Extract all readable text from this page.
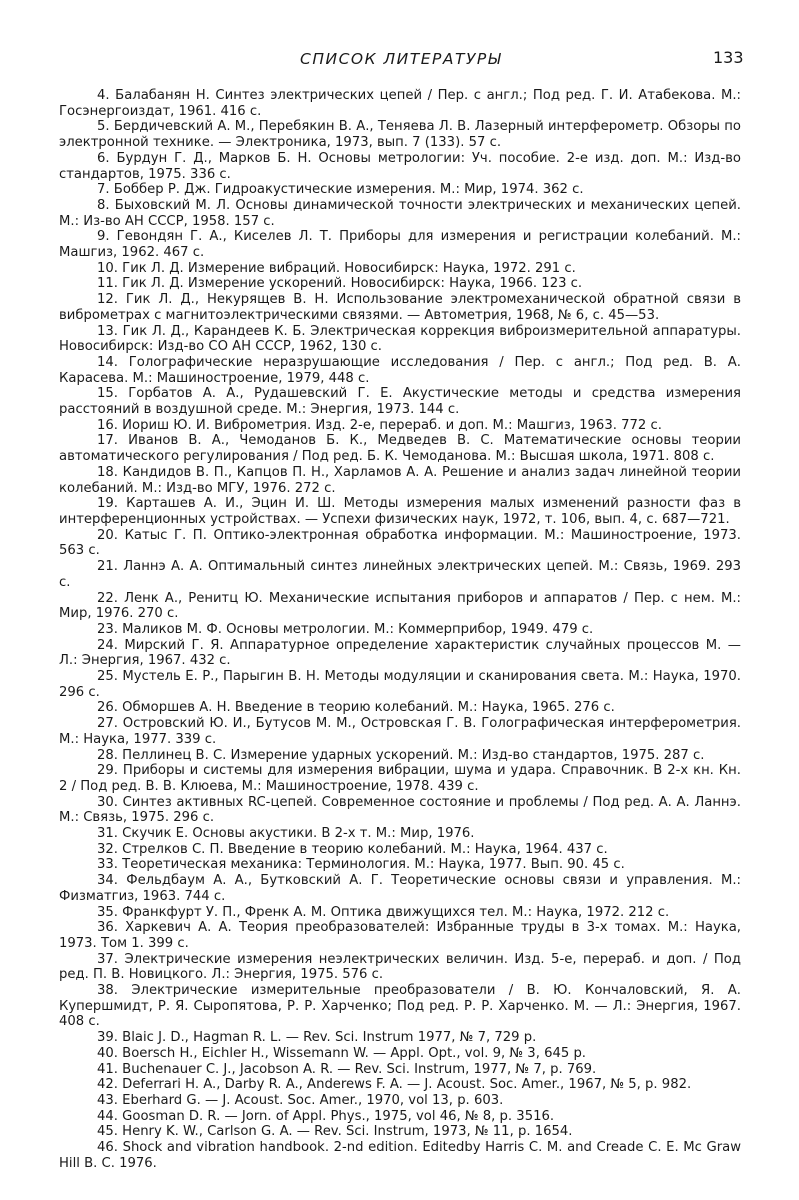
СПИСОК ЛИТЕРАТУРЫ	133

4. Балабанян Н. Синтез электрических цепей / Пер. с англ.; Под ред. Г. И. Атабекова. М.: Госэнергоиздат, 1961. 416 с.

5. Бердичевский А. М., Перебякин В. А., Теняева Л. В. Лазерный интерферометр. Обзоры по электронной технике. — Электроника, 1973, вып. 7 (133). 57 с.

6. Бурдун Г. Д., Марков Б. Н. Основы метрологии: Уч. пособие. 2-е изд. доп. М.: Изд-во стандартов, 1975. 336 с.

7. Боббер Р. Дж. Гидроакустические измерения. М.: Мир, 1974. 362 с.

8. Быховский М. Л. Основы динамической точности электрических и механических цепей. М.: Из-во АН СССР, 1958. 157 с.

9. Гевондян Г. А., Киселев Л. Т. Приборы для измерения и регистрации колебаний. М.: Машгиз, 1962. 467 с.

10. Гик Л. Д. Измерение вибраций. Новосибирск: Наука, 1972. 291 с.

11. Гик Л. Д. Измерение ускорений. Новосибирск: Наука, 1966. 123 с.

12. Гик Л. Д., Некурящев В. Н. Использование электромеханической обратной связи в виброметрах с магнитоэлектрическими связями. — Автометрия, 1968, № 6, с. 45—53.

13. Гик Л. Д., Карандеев К. Б. Электрическая коррекция виброизмерительной аппаратуры. Новосибирск: Изд-во СО АН СССР, 1962, 130 с.

14. Голографические неразрушающие исследования / Пер. с англ.; Под ред. В. А. Карасева. М.: Машиностроение, 1979, 448 с.

15. Горбатов А. А., Рудашевский Г. Е. Акустические методы и средства измерения расстояний в воздушной среде. М.: Энергия, 1973. 144 с.

16. Иориш Ю. И. Виброметрия. Изд. 2-е, перераб. и доп. М.: Машгиз, 1963. 772 с.

17. Иванов В. А., Чемоданов Б. К., Медведев В. С. Математические основы теории автоматического регулирования / Под ред. Б. К. Чемоданова. М.: Высшая школа, 1971. 808 с.

18. Кандидов В. П., Капцов П. Н., Харламов А. А. Решение и анализ задач линейной теории колебаний. М.: Изд-во МГУ, 1976. 272 с.

19. Карташев А. И., Эцин И. Ш. Методы измерения малых изменений разности фаз в интерференционных устройствах. — Успехи физических наук, 1972, т. 106, вып. 4, с. 687—721.

20. Катыс Г. П. Оптико-электронная обработка информации. М.: Машиностроение, 1973. 563 с.

21. Ланнэ А. А. Оптимальный синтез линейных электрических цепей. М.: Связь, 1969. 293 с.

22. Ленк А., Ренитц Ю. Механические испытания приборов и аппаратов / Пер. с нем. М.: Мир, 1976. 270 с.

23. Маликов М. Ф. Основы метрологии. М.: Коммерприбор, 1949. 479 с.

24. Мирский Г. Я. Аппаратурное определение характеристик случайных процессов М. — Л.: Энергия, 1967. 432 с.

25. Мустель Е. Р., Парыгин В. Н. Методы модуляции и сканирования света. М.: Наука, 1970. 296 с.

26. Обморшев А. Н. Введение в теорию колебаний. М.: Наука, 1965. 276 с.

27. Островский Ю. И., Бутусов М. М., Островская Г. В. Голографическая интерферометрия. М.: Наука, 1977. 339 с.

28. Пеллинец В. С. Измерение ударных ускорений. М.: Изд-во стандартов, 1975. 287 с.

29. Приборы и системы для измерения вибрации, шума и удара. Справочник. В 2-х кн. Кн. 2 / Под ред. В. В. Клюева, М.: Машиностроение, 1978. 439 с.

30. Синтез активных RC-цепей. Современное состояние и проблемы / Под ред. А. А. Ланнэ. М.: Связь, 1975. 296 с.

31. Скучик Е. Основы акустики. В 2-х т. М.: Мир, 1976.

32. Стрелков С. П. Введение в теорию колебаний. М.: Наука, 1964. 437 с.

33. Теоретическая механика: Терминология. М.: Наука, 1977. Вып. 90. 45 с.

34. Фельдбаум А. А., Бутковский А. Г. Теоретические основы связи и управления. М.: Физматгиз, 1963. 744 с.

35. Франкфурт У. П., Френк А. М. Оптика движущихся тел. М.: Наука, 1972. 212 с.

36. Харкевич А. А. Теория преобразователей: Избранные труды в 3-х томах. М.: Наука, 1973. Том 1. 399 с.

37. Электрические измерения неэлектрических величин. Изд. 5-е, перераб. и доп. / Под ред. П. В. Новицкого. Л.: Энергия, 1975. 576 с.

38. Электрические измерительные преобразователи / В. Ю. Кончаловский, Я. А. Купершмидт, Р. Я. Сыропятова, Р. Р. Харченко; Под ред. Р. Р. Харченко. М. — Л.: Энергия, 1967. 408 с.

39. Blaic J. D., Hagman R. L. — Rev. Sci. Instrum 1977, № 7, 729 p.

40. Boersch H., Eichler H., Wissemann W. — Appl. Opt., vol. 9, № 3, 645 p.

41. Buchenauer C. J., Jacobson A. R. — Rev. Sci. Instrum, 1977, № 7, p. 769.

42. Deferrari H. A., Darby R. A., Anderews F. A. — J. Acoust. Soc. Amer., 1967, № 5, p. 982.

43. Eberhard G. — J. Acoust. Soc. Amer., 1970, vol 13, p. 603.

44. Goosman D. R. — Jorn. of Appl. Phys., 1975, vol 46, № 8, p. 3516.

45. Henry K. W., Carlson G. A. — Rev. Sci. Instrum, 1973, № 11, p. 1654.

46. Shock and vibration handbook. 2-nd edition. Editedby Harris C. M. and Creade C. E. Mc Graw Hill B. C. 1976.
